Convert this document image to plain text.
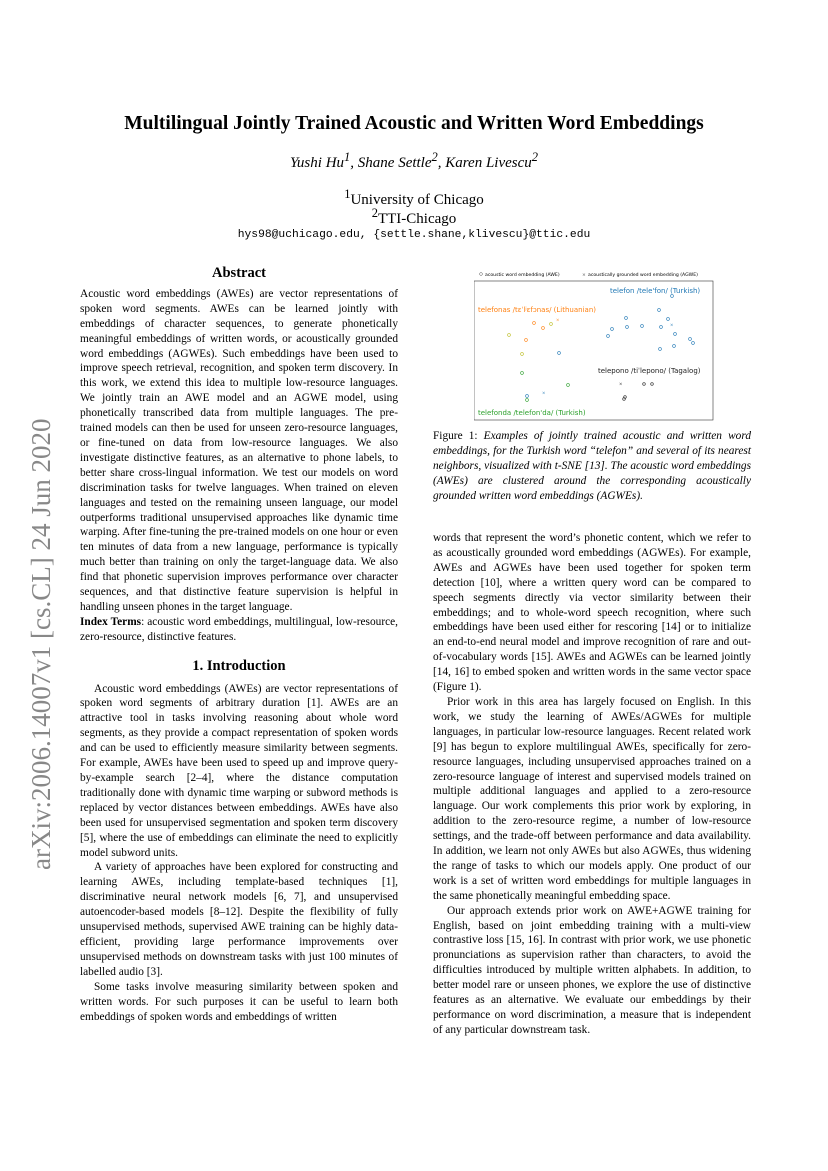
arXiv:2006.14007v1 [cs.CL] 24 Jun 2020
Multilingual Jointly Trained Acoustic and Written Word Embeddings
Yushi Hu$^1$, Shane Settle$^2$, Karen Livescu$^2$
$^1$University of Chicago
$^2$TTI-Chicago
hys98@uchicago.edu, {settle.shane,klivescu}@ttic.edu

Abstract

Acoustic word embeddings (AWEs) are vector representations of spoken word segments. AWEs can be learned jointly with embeddings of character sequences, to generate phonetically meaningful embeddings of written words, or acoustically grounded word embeddings (AGWEs). Such embeddings have been used to improve speech retrieval, recognition, and spoken term discovery. In this work, we extend this idea to multiple low-resource languages. We jointly train an AWE model and an AGWE model, using phonetically transcribed data from multiple languages. The pre-trained models can then be used for unseen zero-resource languages, or fine-tuned on data from low-resource languages. We also investigate distinctive features, as an alternative to phone labels, to better share cross-lingual information. We test our models on word discrimination tasks for twelve languages. When trained on eleven languages and tested on the remaining unseen language, our model outperforms traditional unsupervised approaches like dynamic time warping. After fine-tuning the pre-trained models on one hour or even ten minutes of data from a new language, performance is typically much better than training on only the target-language data. We also find that phonetic supervision improves performance over character sequences, and that distinctive feature supervision is helpful in handling unseen phones in the target language.

Index Terms: acoustic word embeddings, multilingual, low-resource, zero-resource, distinctive features.

1. Introduction

Acoustic word embeddings (AWEs) are vector representations of spoken word segments of arbitrary duration [1]. AWEs are an attractive tool in tasks involving reasoning about whole word segments, as they provide a compact representation of spoken words and can be used to efficiently measure similarity between segments. For example, AWEs have been used to speed up and improve query-by-example search [2–4], where the distance computation traditionally done with dynamic time warping or subword methods is replaced by vector distances between embeddings. AWEs have also been used for unsupervised segmentation and spoken term discovery [5], where the use of embeddings can eliminate the need to explicitly model subword units.

A variety of approaches have been explored for constructing and learning AWEs, including template-based techniques [1], discriminative neural network models [6, 7], and unsupervised autoencoder-based models [8–12]. Despite the flexibility of fully unsupervised methods, supervised AWE training can be highly data-efficient, providing large performance improvements over unsupervised methods on downstream tasks with just 100 minutes of labelled audio [3].

Some tasks involve measuring similarity between spoken and written words. For such purposes it can be useful to learn both embeddings of spoken words and embeddings of written

acoustic word embedding (AWE)	× acoustically grounded word embedding (AGWE)
telefon /tele'fon/ (Turkish)
telefonas /tɛˈlʲɛfɔnas/ (Lithuanian)
telepono /tiˈlepono/ (Tagalog)
telefonda /telefon'da/ (Turkish)
×
×
×
×

Figure 1: Examples of jointly trained acoustic and written word embeddings, for the Turkish word “telefon” and several of its nearest neighbors, visualized with t-SNE [13]. The acoustic word embeddings (AWEs) are clustered around the corresponding acoustically grounded written word embeddings (AGWEs).

words that represent the word’s phonetic content, which we refer to as acoustically grounded word embeddings (AGWEs). For example, AWEs and AGWEs have been used together for spoken term detection [10], where a written query word can be compared to speech segments directly via vector similarity between their embeddings; and to whole-word speech recognition, where such embeddings have been used either for rescoring [14] or to initialize an end-to-end neural model and improve recognition of rare and out-of-vocabulary words [15]. AWEs and AGWEs can be learned jointly [14, 16] to embed spoken and written words in the same vector space (Figure 1).

Prior work in this area has largely focused on English. In this work, we study the learning of AWEs/AGWEs for multiple languages, in particular low-resource languages. Recent related work [9] has begun to explore multilingual AWEs, specifically for zero-resource languages, including unsupervised approaches trained on a zero-resource language of interest and supervised models trained on multiple additional languages and applied to a zero-resource language. Our work complements this prior work by exploring, in addition to the zero-resource regime, a number of low-resource settings, and the trade-off between performance and data availability. In addition, we learn not only AWEs but also AGWEs, thus widening the range of tasks to which our models apply. One product of our work is a set of written word embeddings for multiple languages in the same phonetically meaningful embedding space.

Our approach extends prior work on AWE+AGWE training for English, based on joint embedding training with a multi-view contrastive loss [15, 16]. In contrast with prior work, we use phonetic pronunciations as supervision rather than characters, to avoid the difficulties introduced by multiple written alphabets. In addition, to better model rare or unseen phones, we explore the use of distinctive features as an alternative. We evaluate our embeddings by their performance on word discrimination, a measure that is independent of any particular downstream task.
